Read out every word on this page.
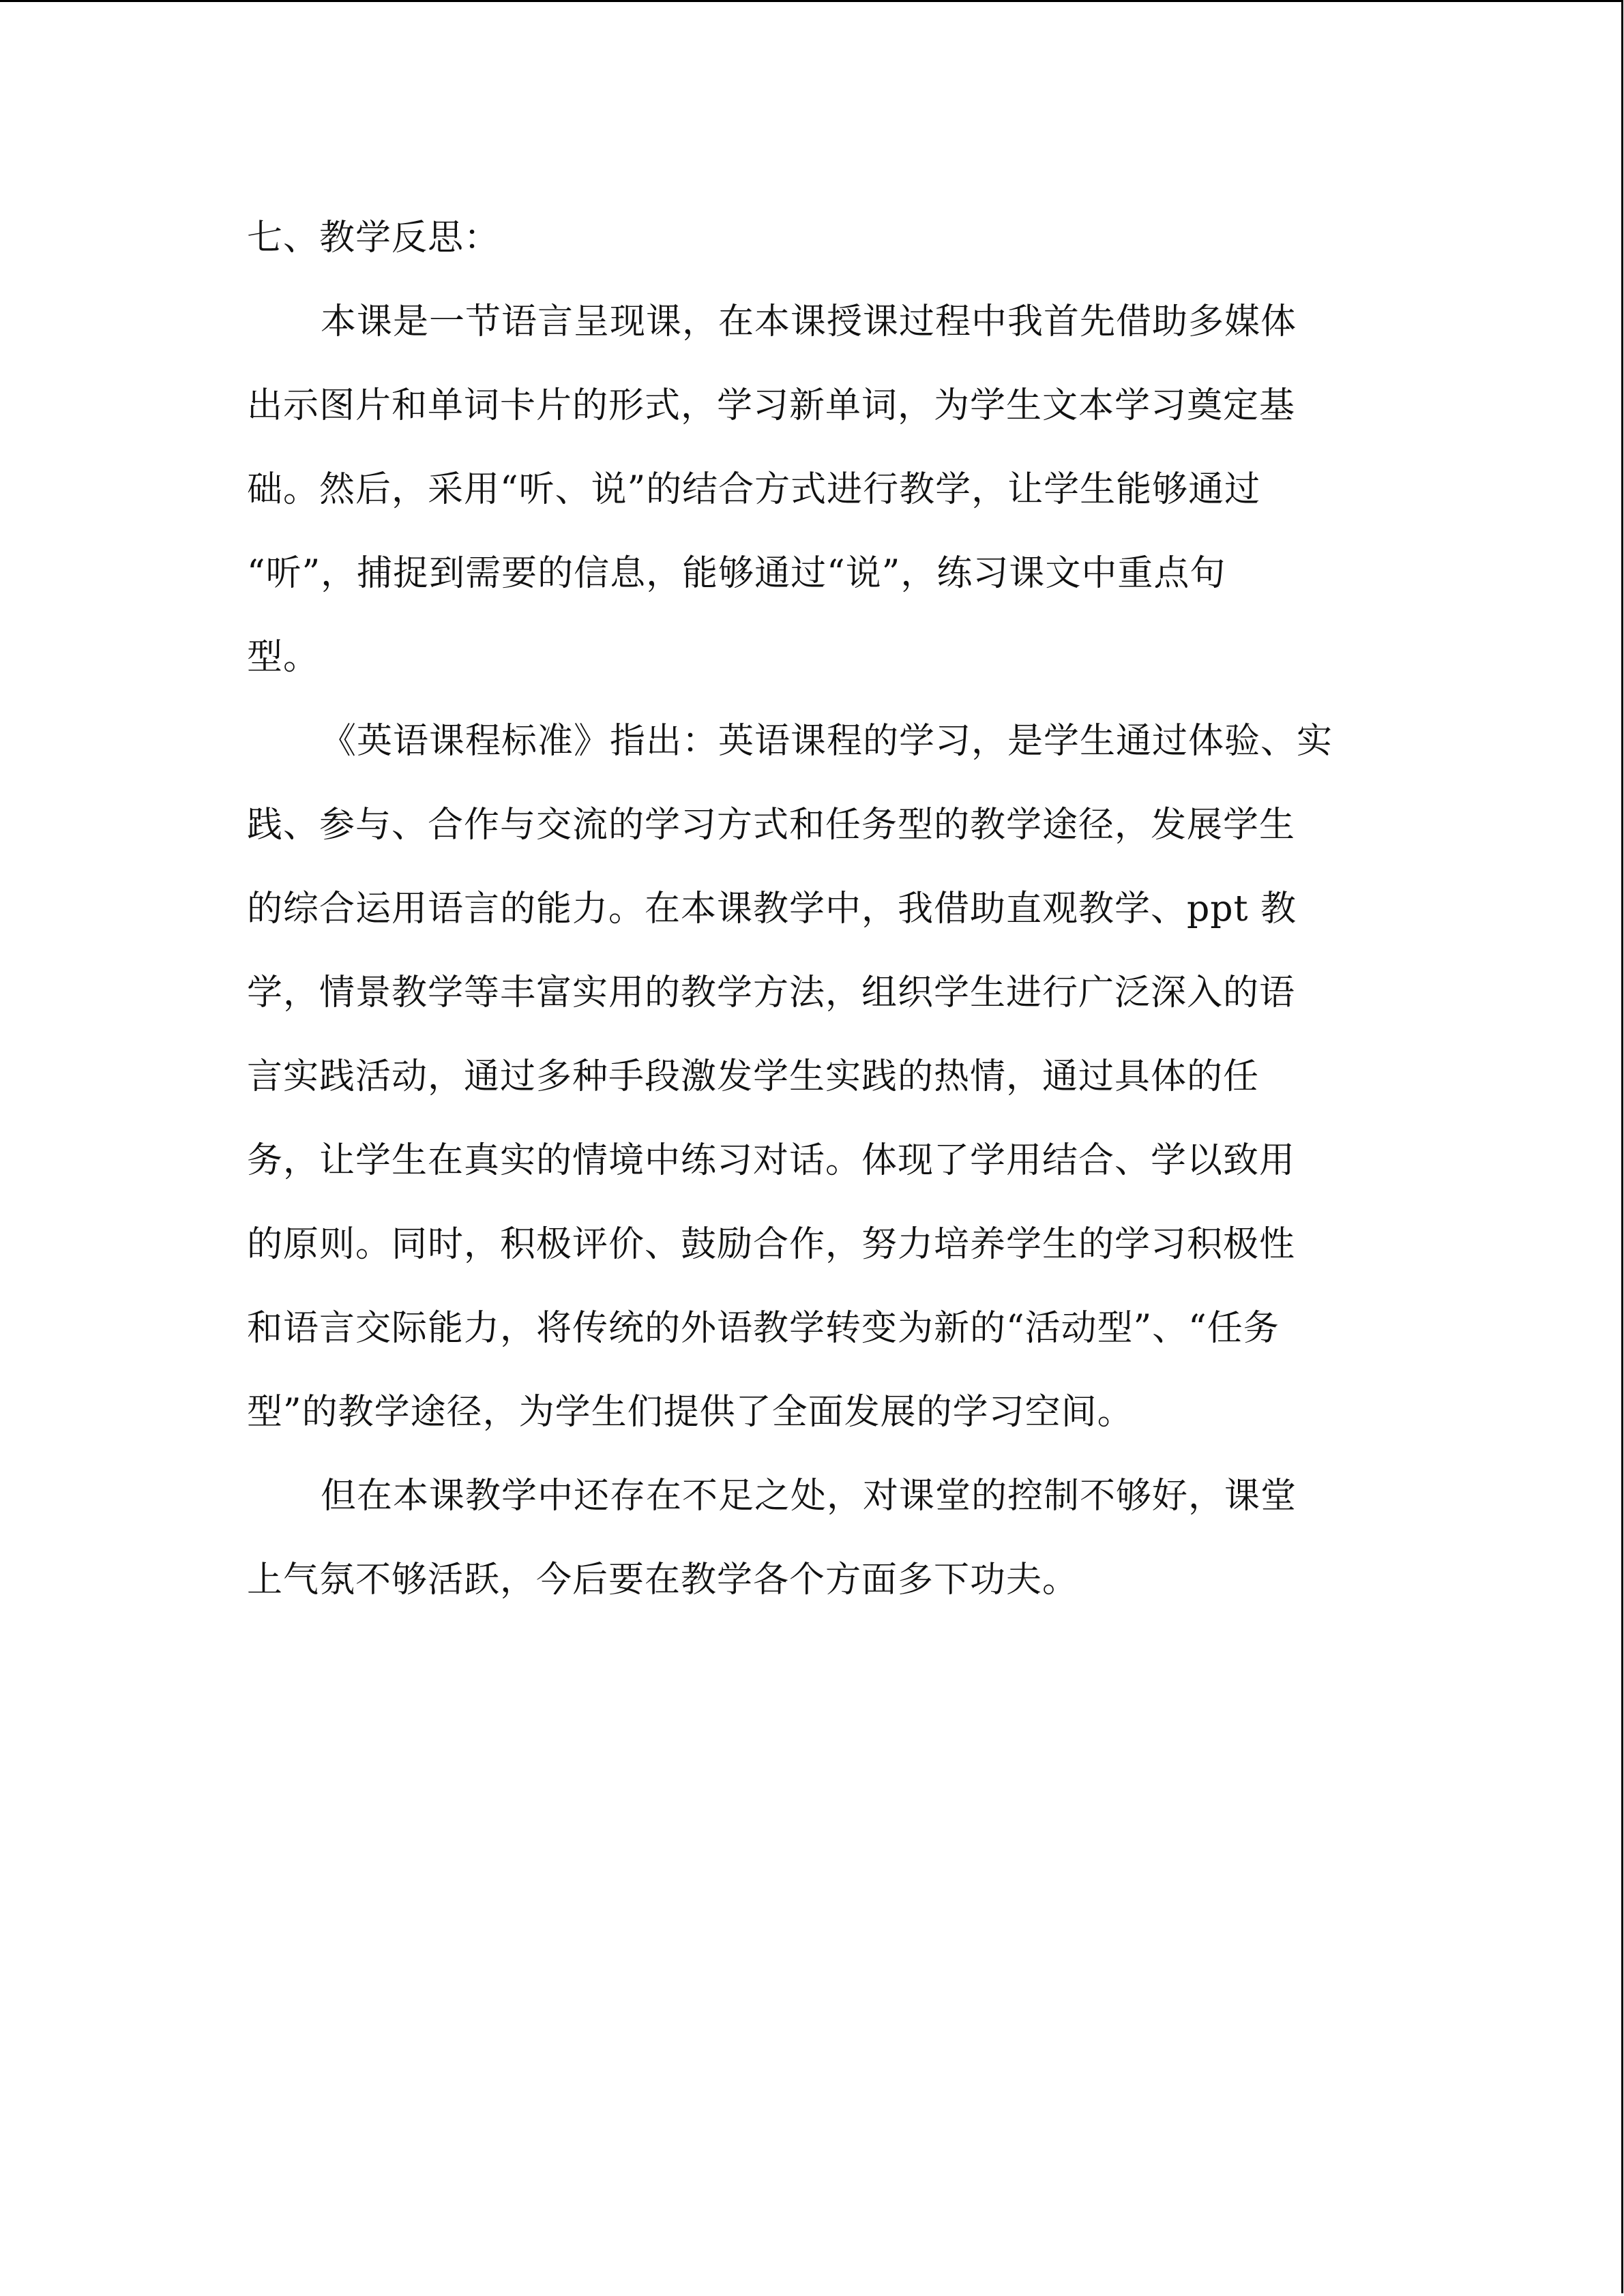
七、教学反思：
本课是一节语言呈现课，在本课授课过程中我首先借助多媒体
出示图片和单词卡片的形式，学习新单词，为学生文本学习奠定基
础。然后，采用“听、说”的结合方式进行教学，让学生能够通过
“听”，捕捉到需要的信息，能够通过“说”，练习课文中重点句
型。
《英语课程标准》指出：英语课程的学习，是学生通过体验、实
践、参与、合作与交流的学习方式和任务型的教学途径，发展学生
的综合运用语言的能力。在本课教学中，我借助直观教学、ppt 教
学，情景教学等丰富实用的教学方法，组织学生进行广泛深入的语
言实践活动，通过多种手段激发学生实践的热情，通过具体的任
务，让学生在真实的情境中练习对话。体现了学用结合、学以致用
的原则。同时，积极评价、鼓励合作，努力培养学生的学习积极性
和语言交际能力，将传统的外语教学转变为新的“活动型”、“任务
型”的教学途径，为学生们提供了全面发展的学习空间。
但在本课教学中还存在不足之处，对课堂的控制不够好，课堂
上气氛不够活跃，今后要在教学各个方面多下功夫。
